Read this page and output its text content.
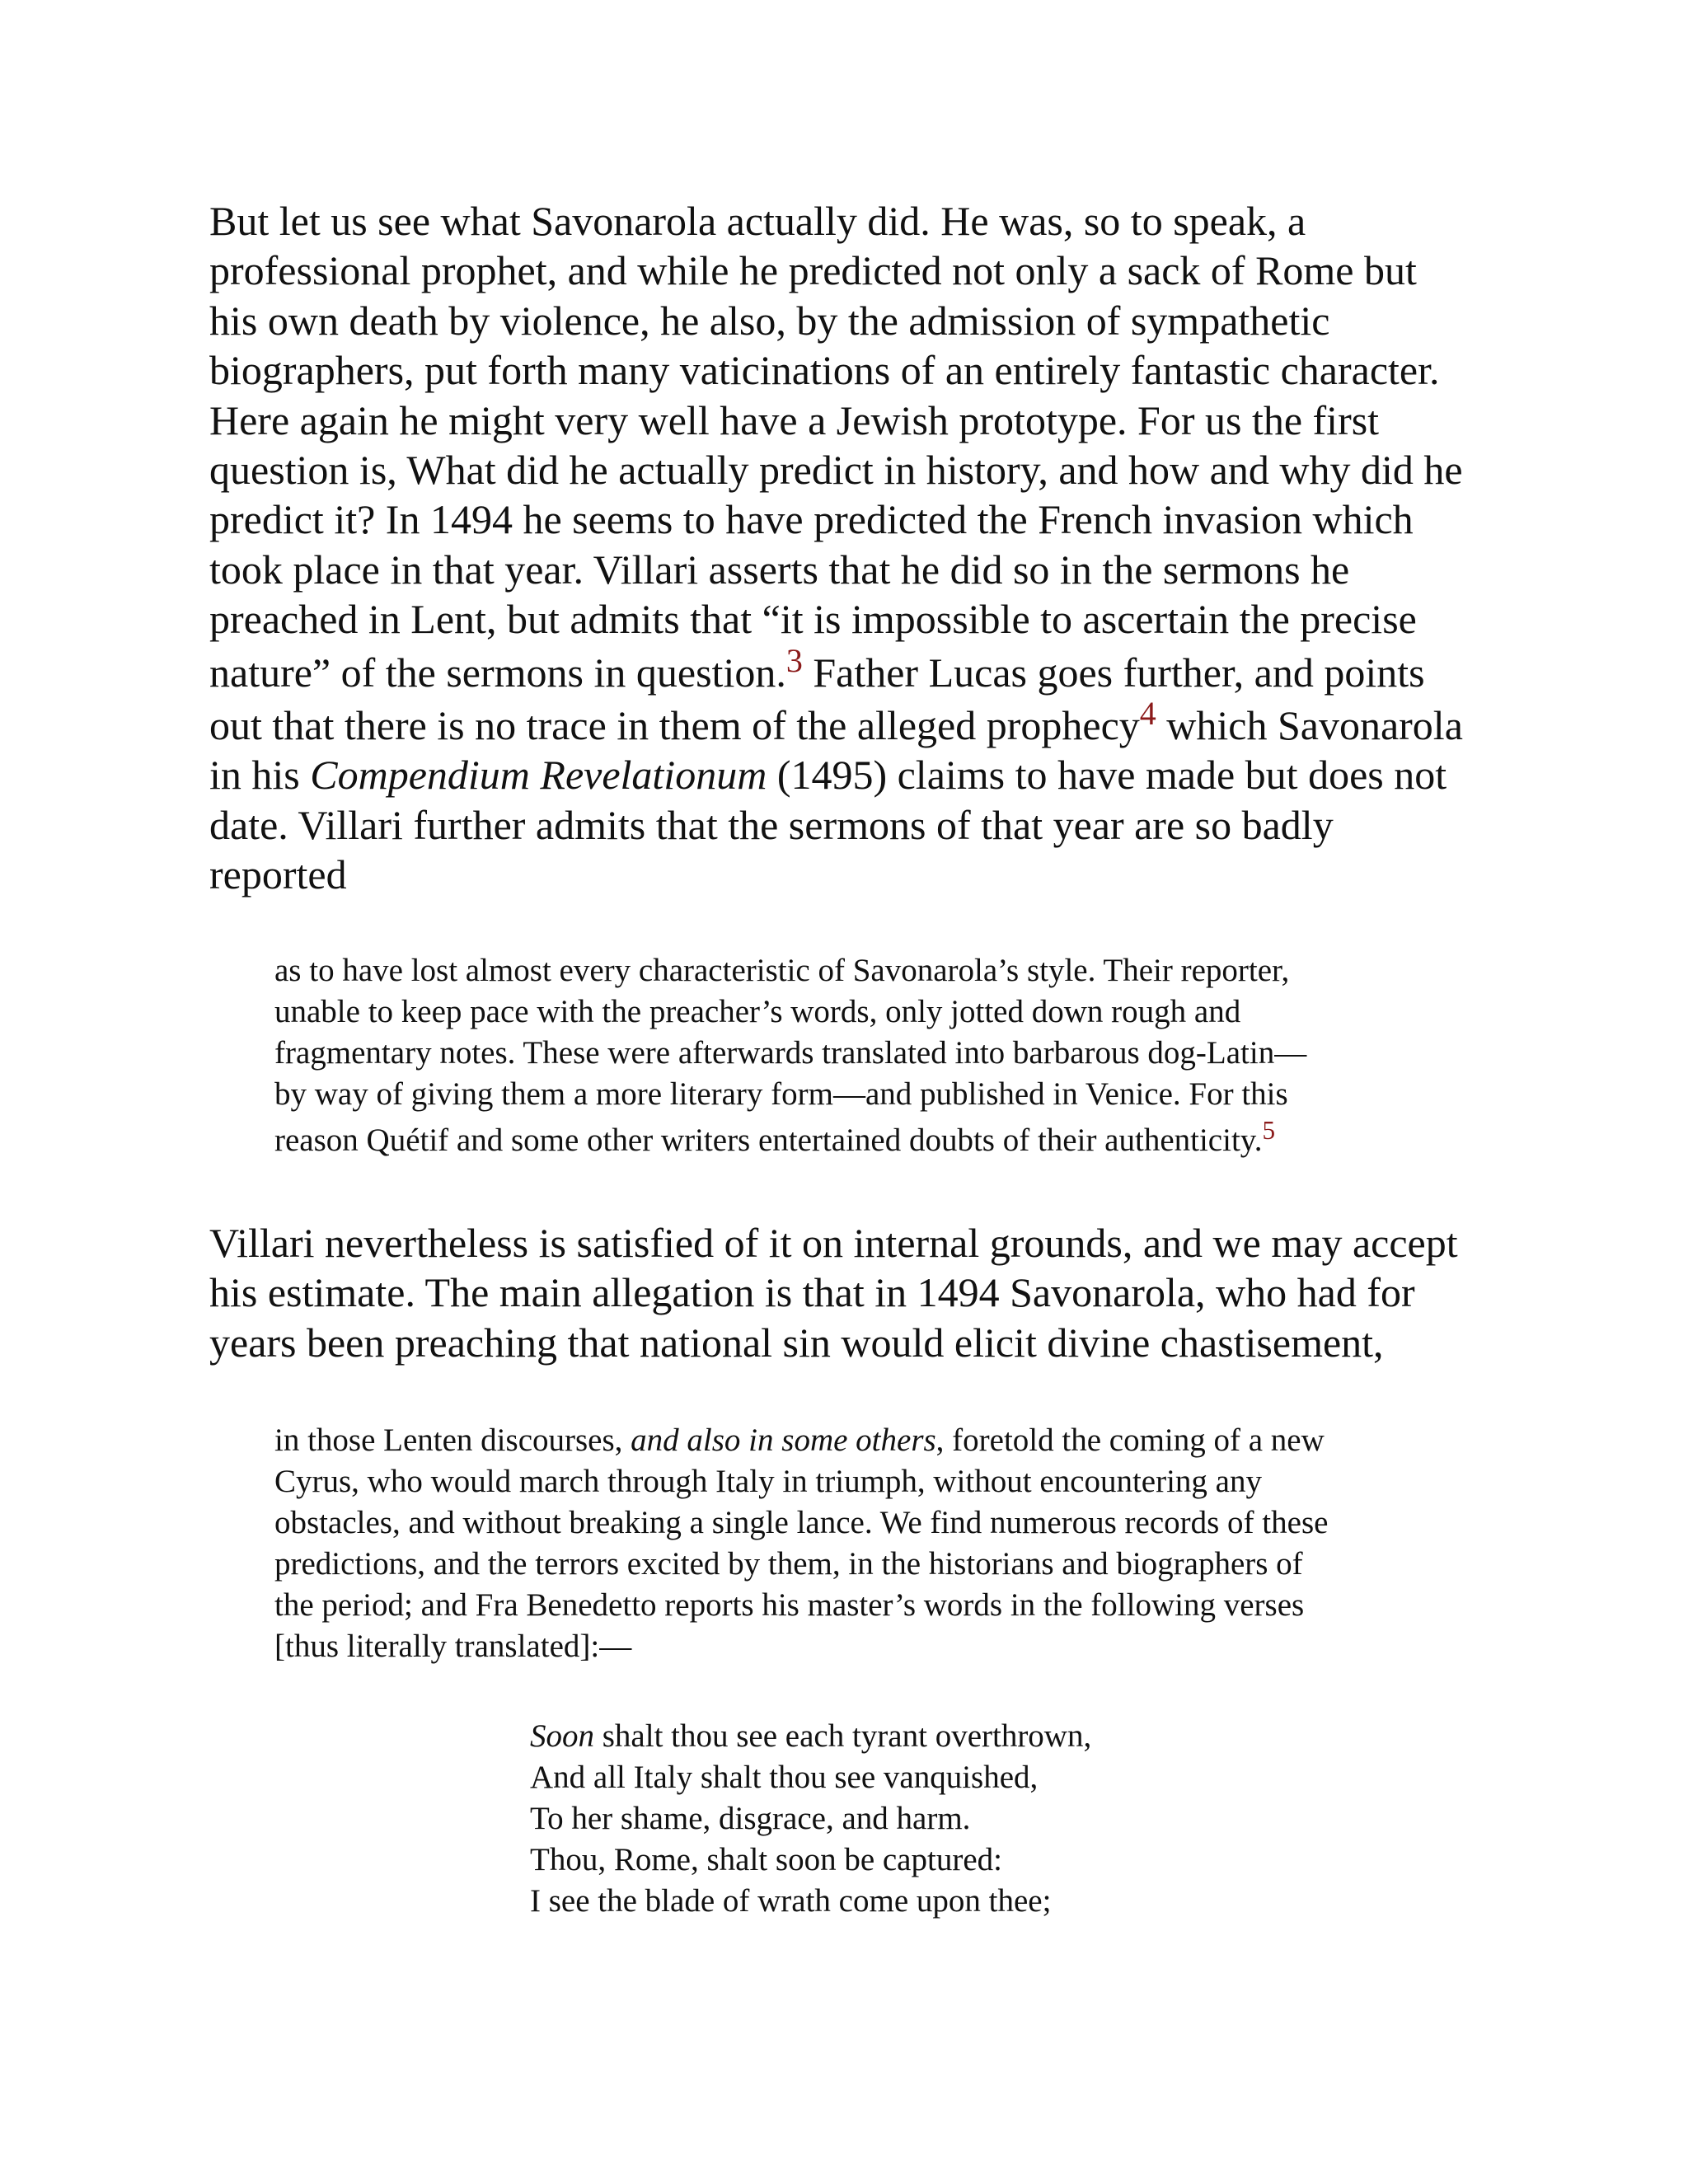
But let us see what Savonarola actually did. He was, so to speak, a
professional prophet, and while he predicted not only a sack of Rome but
his own death by violence, he also, by the admission of sympathetic
biographers, put forth many vaticinations of an entirely fantastic character.
Here again he might very well have a Jewish prototype. For us the first
question is, What did he actually predict in history, and how and why did he
predict it? In 1494 he seems to have predicted the French invasion which
took place in that year. Villari asserts that he did so in the sermons he
preached in Lent, but admits that “it is impossible to ascertain the precise
nature” of the sermons in question.$^3$ Father Lucas goes further, and points
out that there is no trace in them of the alleged prophecy$^4$ which Savonarola
in his Compendium Revelationum (1495) claims to have made but does not
date. Villari further admits that the sermons of that year are so badly
reported
as to have lost almost every characteristic of Savonarola’s style. Their reporter,
unable to keep pace with the preacher’s words, only jotted down rough and
fragmentary notes. These were afterwards translated into barbarous dog-Latin—
by way of giving them a more literary form—and published in Venice. For this
reason Quétif and some other writers entertained doubts of their authenticity.$^5$
Villari nevertheless is satisfied of it on internal grounds, and we may accept
his estimate. The main allegation is that in 1494 Savonarola, who had for
years been preaching that national sin would elicit divine chastisement,
in those Lenten discourses, and also in some others, foretold the coming of a new
Cyrus, who would march through Italy in triumph, without encountering any
obstacles, and without breaking a single lance. We find numerous records of these
predictions, and the terrors excited by them, in the historians and biographers of
the period; and Fra Benedetto reports his master’s words in the following verses
[thus literally translated]:—
Soon shalt thou see each tyrant overthrown,
And all Italy shalt thou see vanquished,
To her shame, disgrace, and harm.
Thou, Rome, shalt soon be captured:
I see the blade of wrath come upon thee;
